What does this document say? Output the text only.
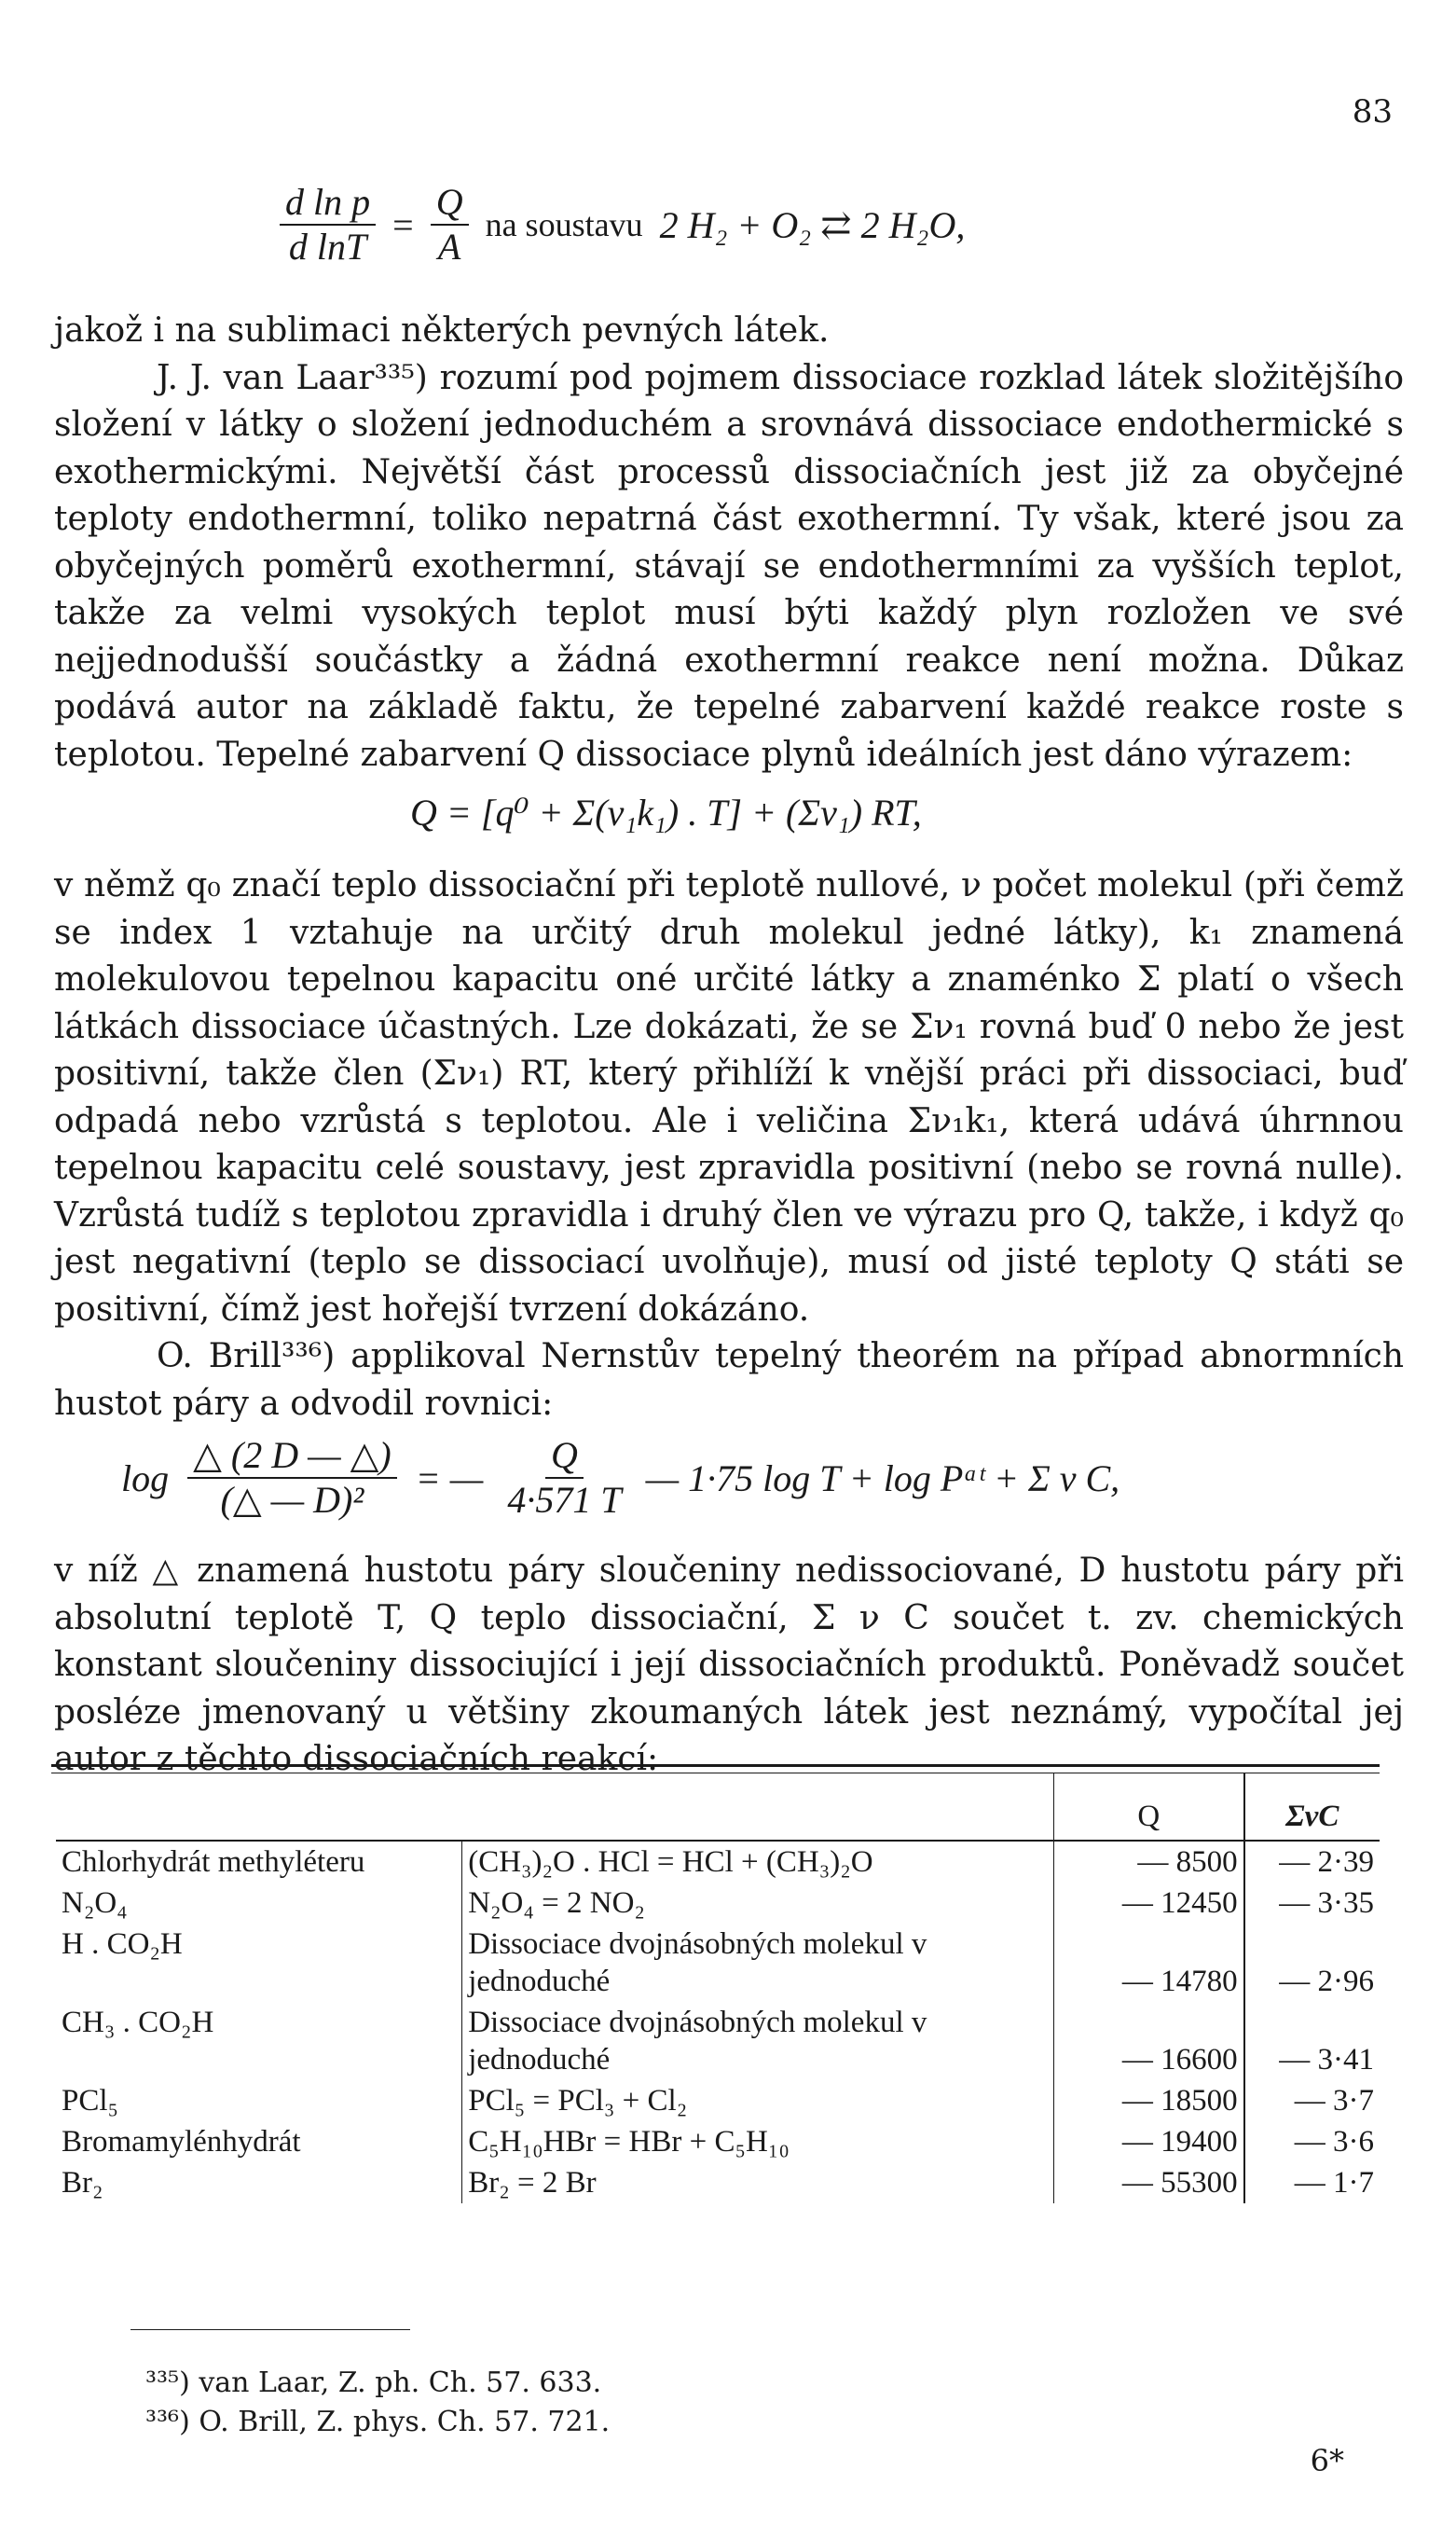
83
$\frac{\text{d ln p}}{\text{d lnT}} = \frac{Q}{A}$ na soustavu 2 H₂ + O₂ ⇄ 2 H₂O,

jakož i na sublimaci některých pevných látek.

J. J. van Laar³³⁵) rozumí pod pojmem dissociace rozklad látek složitějšího složení v látky o složení jednoduchém a srovnává dissociace endothermické s exothermickými. Největší část processů dissociačních jest již za obyčejné teploty endothermní, toliko nepatrná část exothermní. Ty však, které jsou za obyčejných poměrů exothermní, stávají se endothermními za vyšších teplot, takže za velmi vysokých teplot musí býti každý plyn rozložen ve své nejjednodušší součástky a žádná exothermní reakce není možna. Důkaz podává autor na základě faktu, že tepelné zabarvení každé reakce roste s teplotou. Tepelné zabarvení Q dissociace plynů ideálních jest dáno výrazem:

Q = [q⁰ + Σ(ν₁k₁) . T] + (Σν₁) RT,

v němž q₀ značí teplo dissociační při teplotě nullové, ν počet molekul (při čemž se index 1 vztahuje na určitý druh molekul jedné látky), k₁ znamená molekulovou tepelnou kapacitu oné určité látky a znaménko Σ platí o všech látkách dissociace účastných. Lze dokázati, že se Σν₁ rovná buď 0 nebo že jest positivní, takže člen (Σν₁) RT, který přihlíží k vnější práci při dissociaci, buď odpadá nebo vzrůstá s teplotou. Ale i veličina Σν₁k₁, která udává úhrnnou tepelnou kapacitu celé soustavy, jest zpravidla positivní (nebo se rovná nulle). Vzrůstá tudíž s teplotou zpravidla i druhý člen ve výrazu pro Q, takže, i když q₀ jest negativní (teplo se dissociací uvolňuje), musí od jisté teploty Q státi se positivní, čímž jest hořejší tvrzení dokázáno.

O. Brill³³⁶) applikoval Nernstův tepelný theorém na případ abnormních hustot páry a odvodil rovnici:

$\log \frac{\triangle (2 D — \triangle)}{\text{(△ — D)²}}$ = — $\frac{Q}{4\cdot 571 T}$ — 1·75 log T + log Pᵃᵗ + Σ ν C,

v níž △ znamená hustotu páry sloučeniny nedissociované, D hustotu páry při absolutní teplotě T, Q teplo dissociační, Σ ν C součet t. zv. chemických konstant sloučeniny dissociující i její dissociačních produktů. Poněvadž součet posléze jmenovaný u většiny zkoumaných látek jest neznámý, vypočítal jej autor z těchto dissociačních reakcí:

		Q	ΣνC
Chlorhydrát methyléteru	(CH₃)₂O . HCl = HCl + (CH₃)₂O	— 8500	— 2·39
N₂O₄	N₂O₄ = 2 NO₂	— 12450	— 3·35
H . CO₂H	Dissociace dvojnásobných molekul v jednoduché	— 14780	— 2·96
CH₃ . CO₂H	Dissociace dvojnásobných molekul v jednoduché	— 16600	— 3·41
PCl₅	PCl₅ = PCl₃ + Cl₂	— 18500	— 3·7
Bromamylénhydrát	C₅H₁₀HBr = HBr + C₅H₁₀	— 19400	— 3·6
Br₂	Br₂ = 2 Br	— 55300	— 1·7
³³⁵) van Laar, Z. ph. Ch. 57. 633.
³³⁶) O. Brill, Z. phys. Ch. 57. 721.
6*
